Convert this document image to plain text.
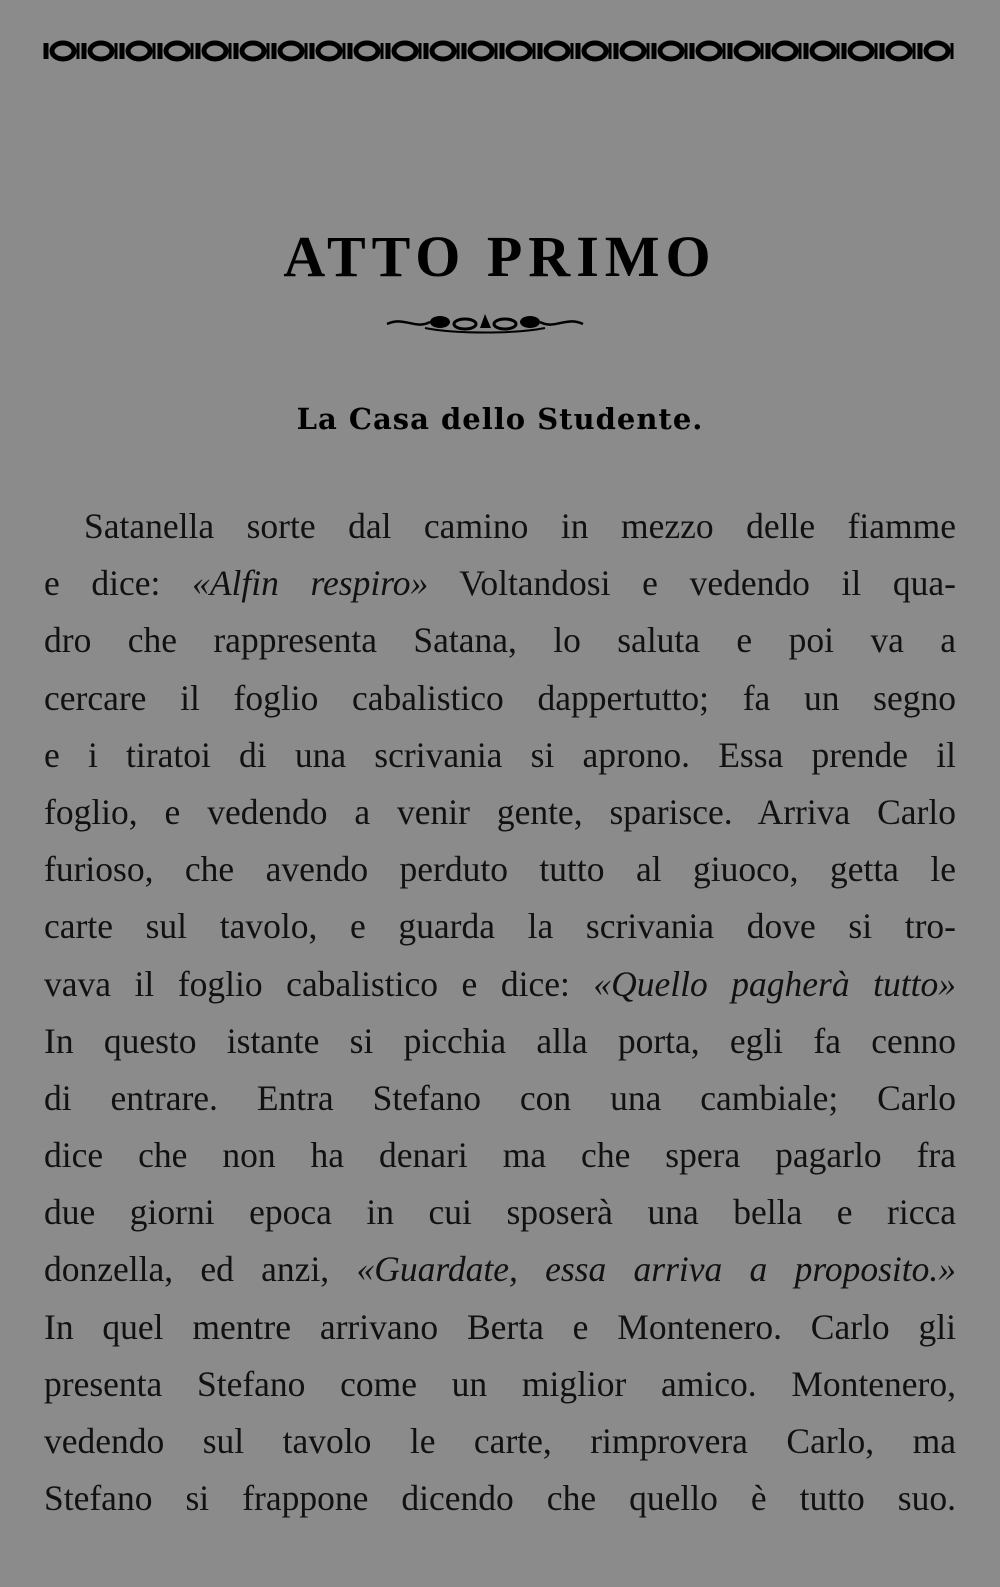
ATTO PRIMO
La Casa dello Studente.
Satanella sorte dal camino in mezzo delle fiamme
e dice: «Alfin respiro» Voltandosi e vedendo il qua-
dro che rappresenta Satana, lo saluta e poi va a
cercare il foglio cabalistico dappertutto; fa un segno
e i tiratoi di una scrivania si aprono. Essa prende il
foglio, e vedendo a venir gente, sparisce. Arriva Carlo
furioso, che avendo perduto tutto al giuoco, getta le
carte sul tavolo, e guarda la scrivania dove si tro-
vava il foglio cabalistico e dice: «Quello pagherà tutto»
In questo istante si picchia alla porta, egli fa cenno
di entrare. Entra Stefano con una cambiale; Carlo
dice che non ha denari ma che spera pagarlo fra
due giorni epoca in cui sposerà una bella e ricca
donzella, ed anzi, «Guardate, essa arriva a proposito.»
In quel mentre arrivano Berta e Montenero. Carlo gli
presenta Stefano come un miglior amico. Montenero,
vedendo sul tavolo le carte, rimprovera Carlo, ma
Stefano si frappone dicendo che quello è tutto suo.
